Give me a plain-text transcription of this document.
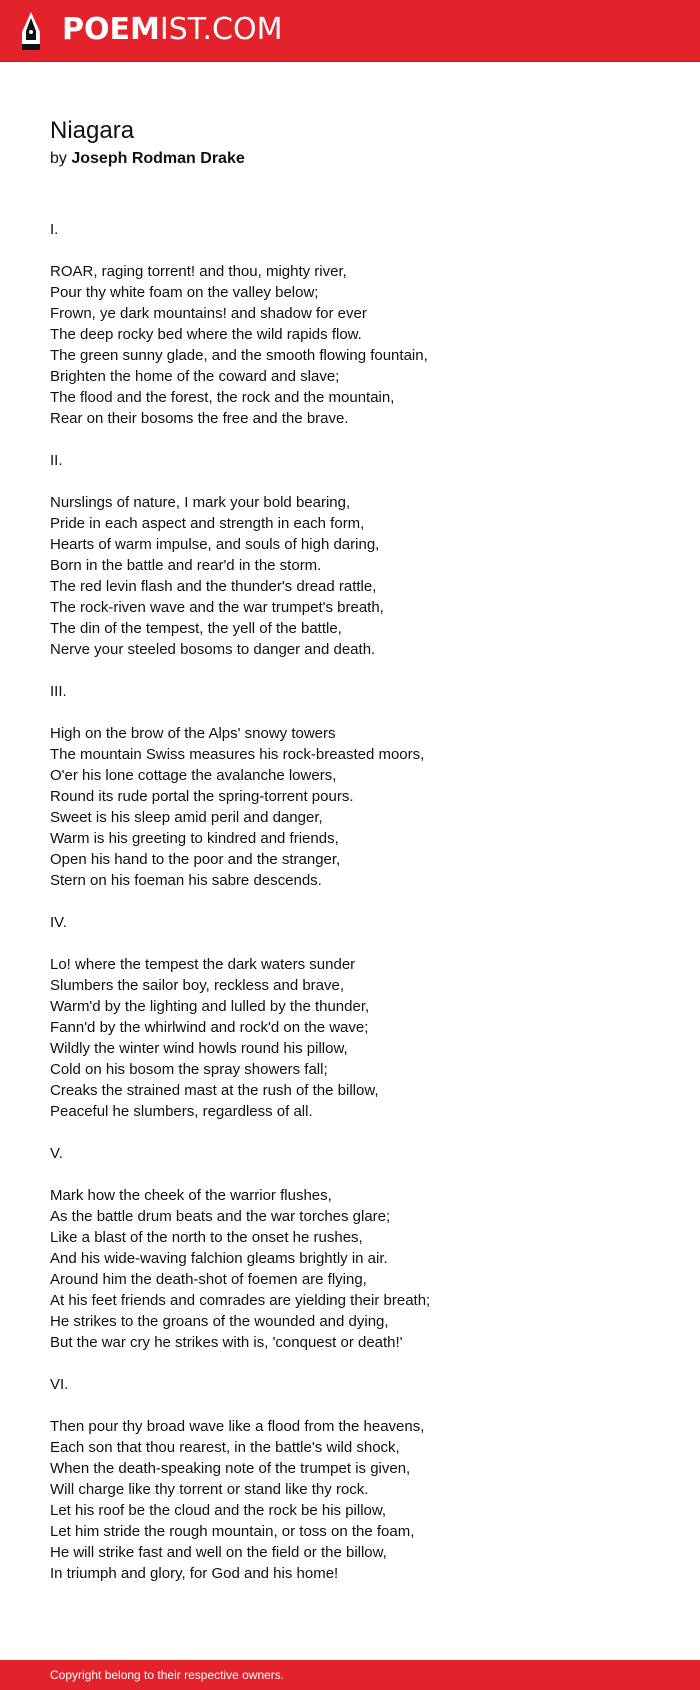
POEMIST.COM
Niagara
by Joseph Rodman Drake
I.
ROAR, raging torrent! and thou, mighty river,
Pour thy white foam on the valley below;
Frown, ye dark mountains! and shadow for ever
The deep rocky bed where the wild rapids flow.
The green sunny glade, and the smooth flowing fountain,
Brighten the home of the coward and slave;
The flood and the forest, the rock and the mountain,
Rear on their bosoms the free and the brave.
II.
Nurslings of nature, I mark your bold bearing,
Pride in each aspect and strength in each form,
Hearts of warm impulse, and souls of high daring,
Born in the battle and rear'd in the storm.
The red levin flash and the thunder's dread rattle,
The rock-riven wave and the war trumpet's breath,
The din of the tempest, the yell of the battle,
Nerve your steeled bosoms to danger and death.
III.
High on the brow of the Alps' snowy towers
The mountain Swiss measures his rock-breasted moors,
O'er his lone cottage the avalanche lowers,
Round its rude portal the spring-torrent pours.
Sweet is his sleep amid peril and danger,
Warm is his greeting to kindred and friends,
Open his hand to the poor and the stranger,
Stern on his foeman his sabre descends.
IV.
Lo! where the tempest the dark waters sunder
Slumbers the sailor boy, reckless and brave,
Warm'd by the lighting and lulled by the thunder,
Fann'd by the whirlwind and rock'd on the wave;
Wildly the winter wind howls round his pillow,
Cold on his bosom the spray showers fall;
Creaks the strained mast at the rush of the billow,
Peaceful he slumbers, regardless of all.
V.
Mark how the cheek of the warrior flushes,
As the battle drum beats and the war torches glare;
Like a blast of the north to the onset he rushes,
And his wide-waving falchion gleams brightly in air.
Around him the death-shot of foemen are flying,
At his feet friends and comrades are yielding their breath;
He strikes to the groans of the wounded and dying,
But the war cry he strikes with is, 'conquest or death!'
VI.
Then pour thy broad wave like a flood from the heavens,
Each son that thou rearest, in the battle's wild shock,
When the death-speaking note of the trumpet is given,
Will charge like thy torrent or stand like thy rock.
Let his roof be the cloud and the rock be his pillow,
Let him stride the rough mountain, or toss on the foam,
He will strike fast and well on the field or the billow,
In triumph and glory, for God and his home!
Copyright belong to their respective owners.
